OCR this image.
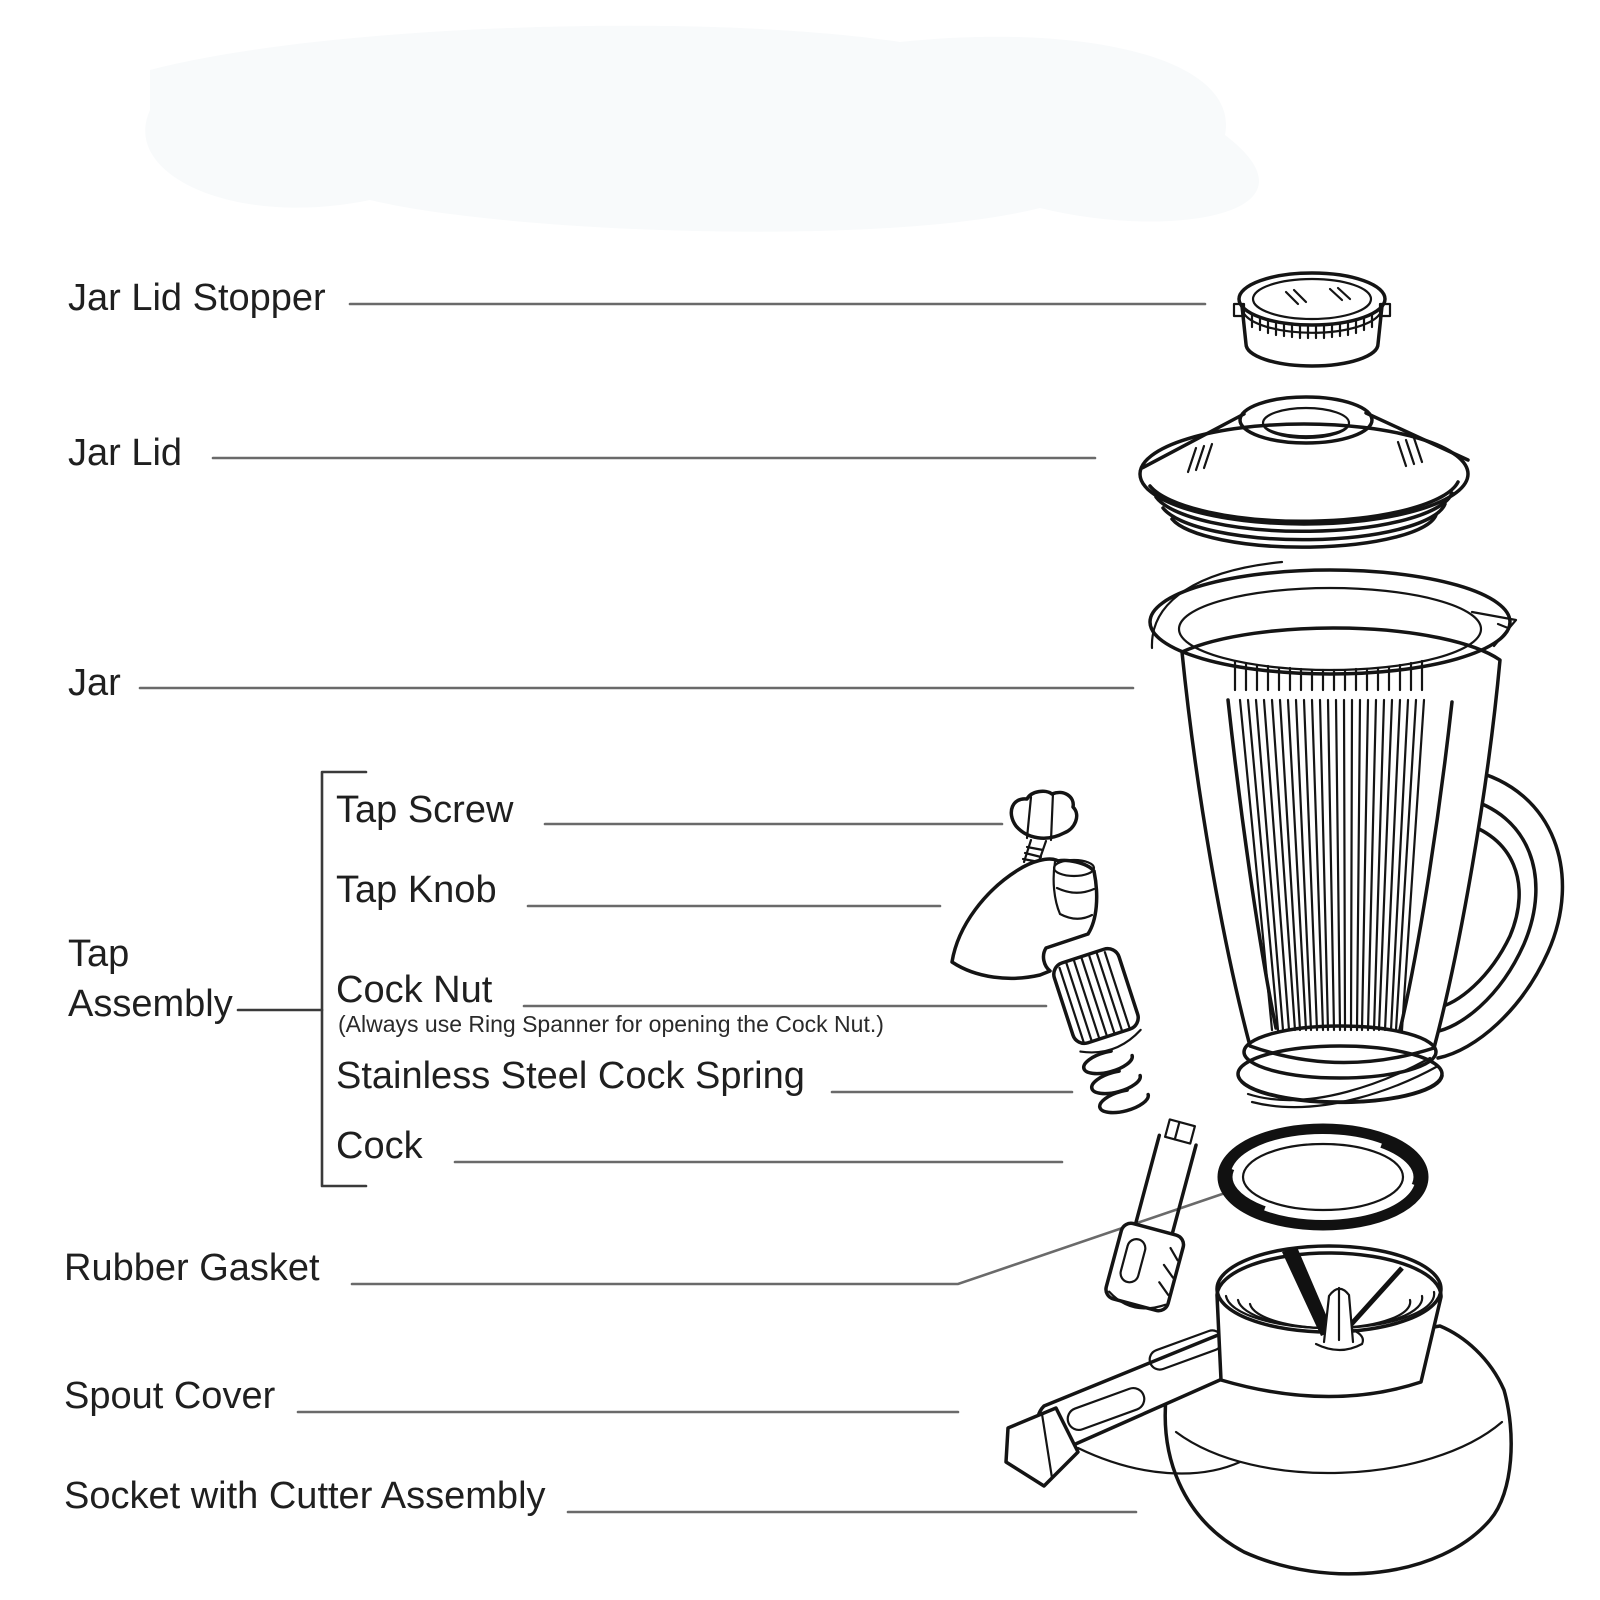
Jar Lid Stopper
Jar Lid
Jar
Tap
Assembly
Tap Screw
Tap Knob
Cock Nut
(Always use Ring Spanner for opening the Cock Nut.)
Stainless Steel Cock Spring
Cock
Rubber Gasket
Spout Cover
Socket with Cutter Assembly
